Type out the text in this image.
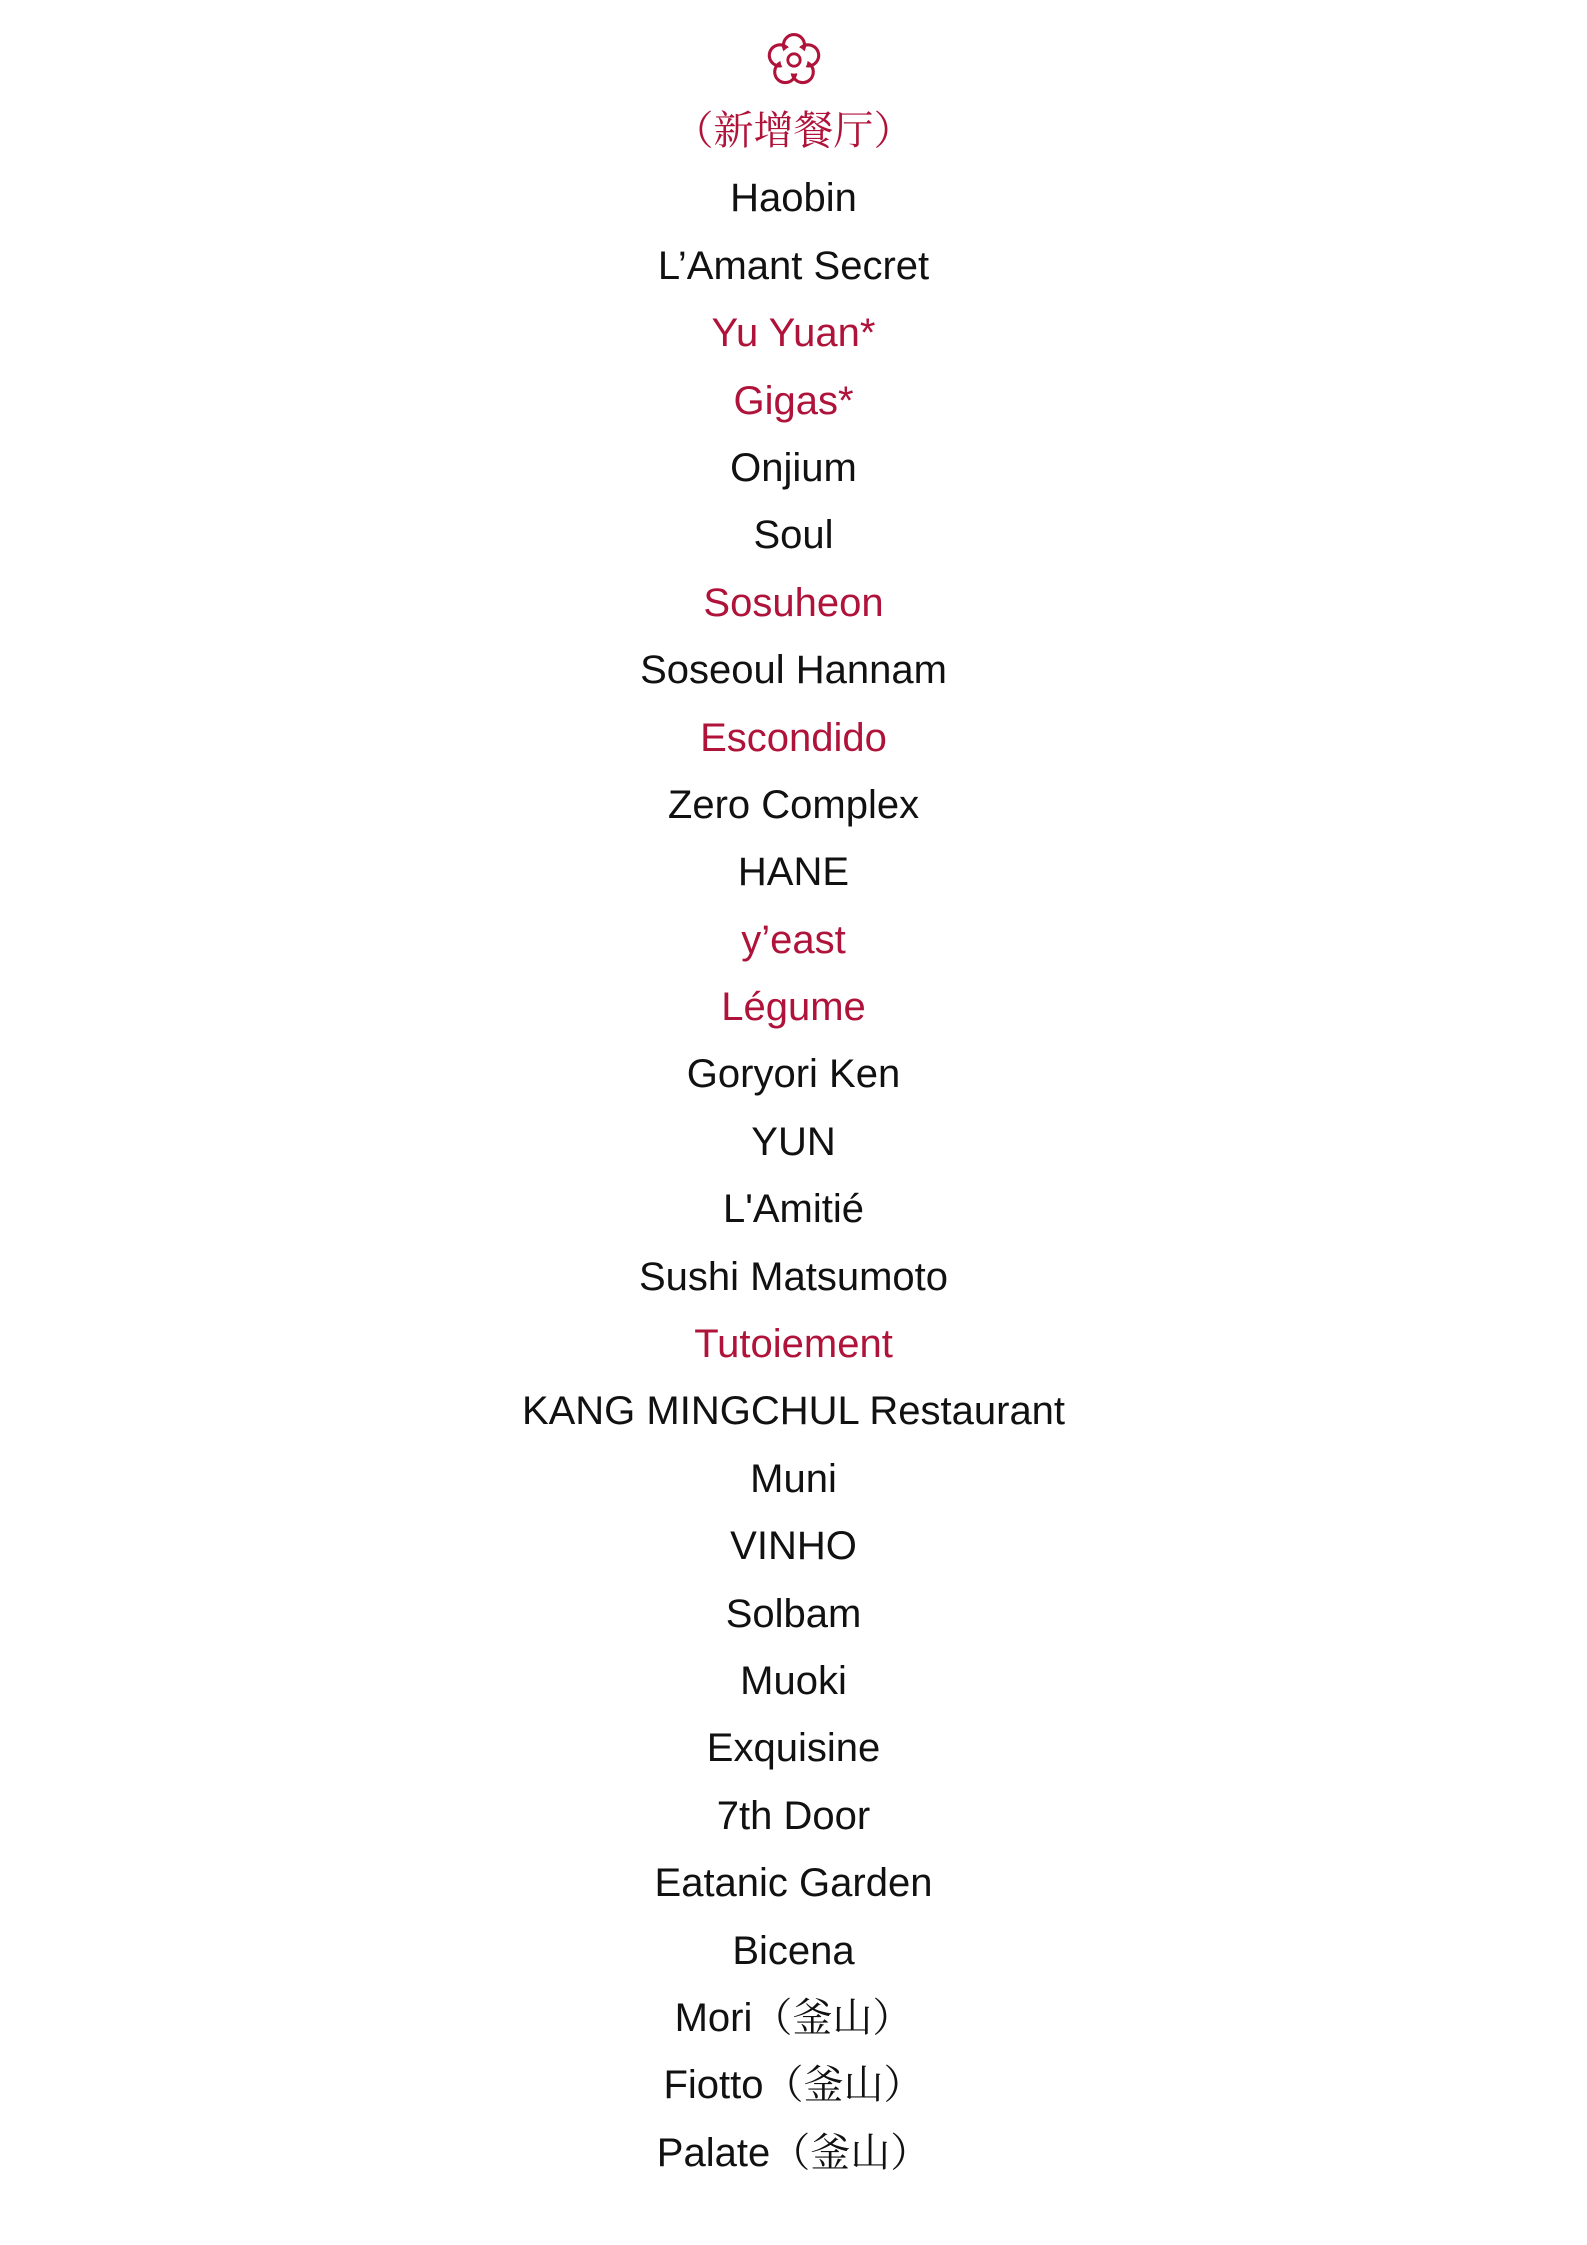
（新增餐厅）
Haobin
L’Amant Secret
Yu Yuan*
Gigas*
Onjium
Soul
Sosuheon
Soseoul Hannam
Escondido
Zero Complex
HANE
y’east
Légume
Goryori Ken
YUN
L'Amitié
Sushi Matsumoto
Tutoiement
KANG MINGCHUL Restaurant
Muni
VINHO
Solbam
Muoki
Exquisine
7th Door
Eatanic Garden
Bicena
Mori（釜山）
Fiotto（釜山）
Palate（釜山）
